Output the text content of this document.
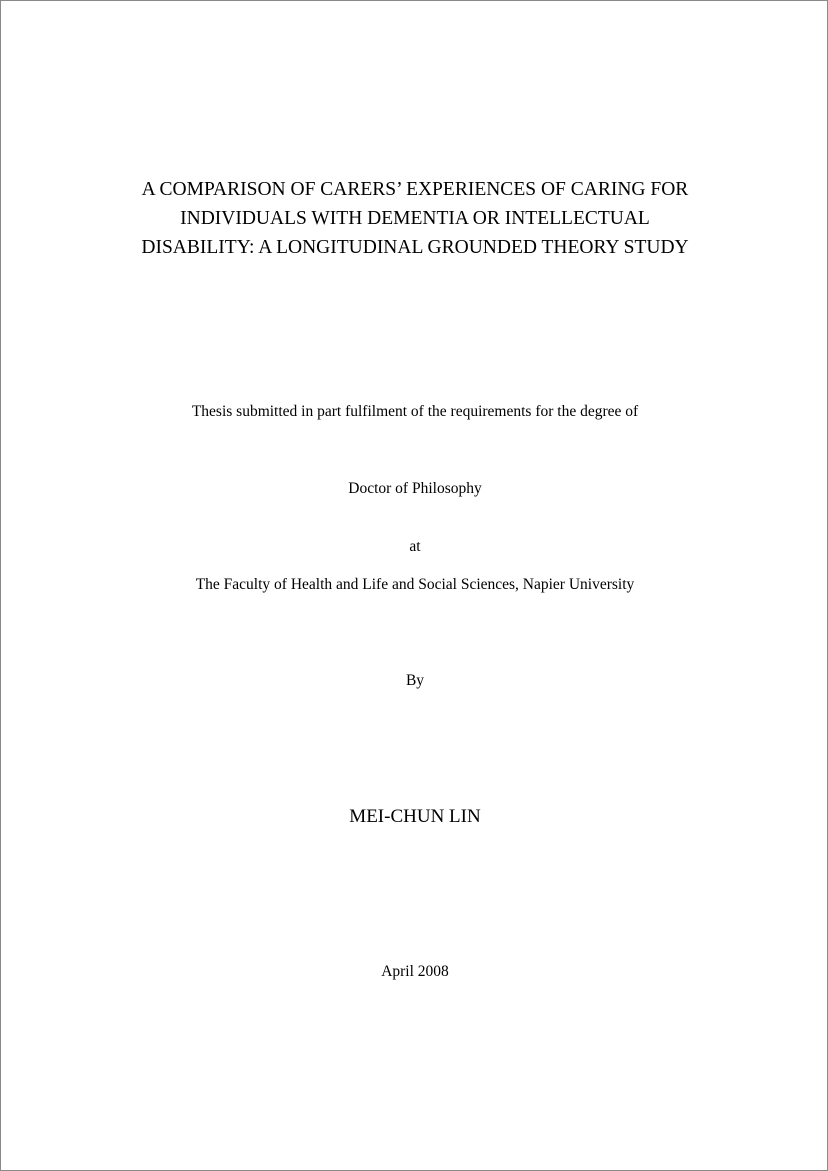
A COMPARISON OF CARERS’ EXPERIENCES OF CARING FOR
INDIVIDUALS WITH DEMENTIA OR INTELLECTUAL
DISABILITY: A LONGITUDINAL GROUNDED THEORY STUDY
Thesis submitted in part fulfilment of the requirements for the degree of
Doctor of Philosophy
at
The Faculty of Health and Life and Social Sciences, Napier University
By
MEI-CHUN LIN
April 2008
